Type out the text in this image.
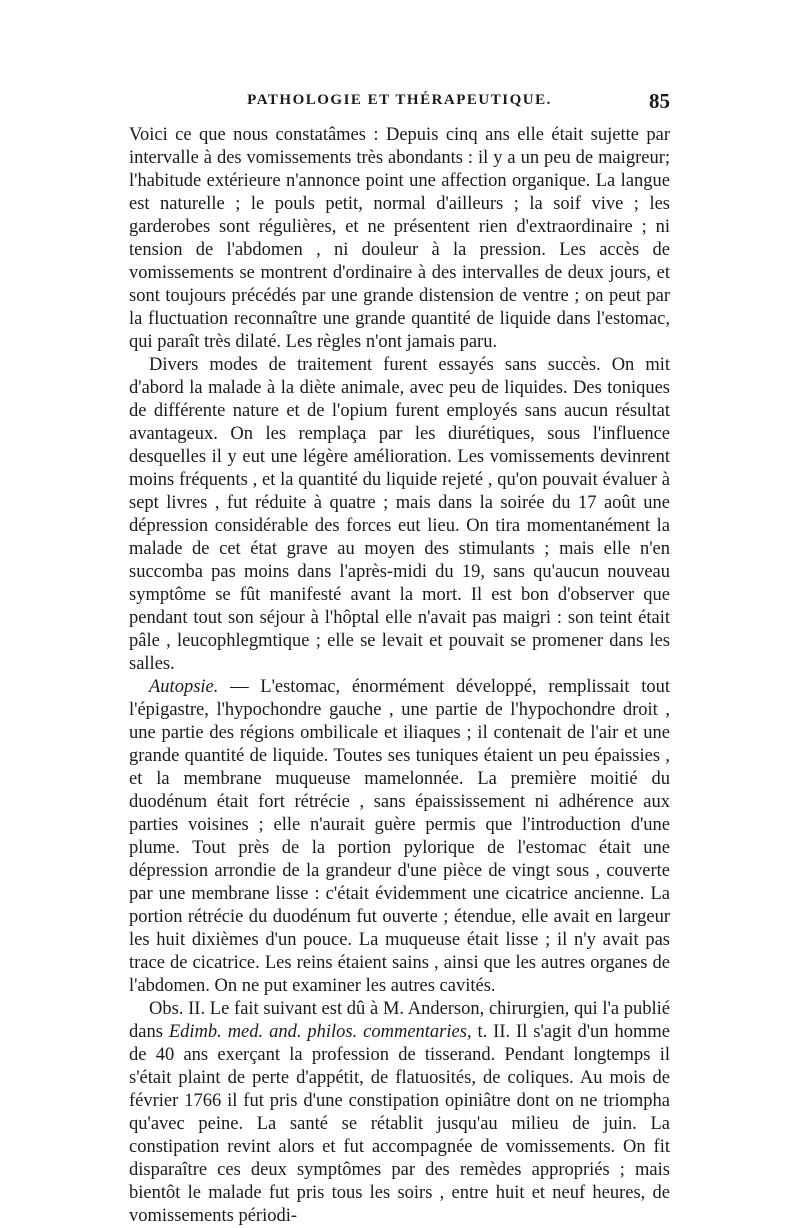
PATHOLOGIE ET THÉRAPEUTIQUE.	85

Voici ce que nous constatâmes : Depuis cinq ans elle était sujette par intervalle à des vomissements très abondants : il y a un peu de maigreur; l'habitude extérieure n'annonce point une affection organique. La langue est naturelle ; le pouls petit, normal d'ailleurs ; la soif vive ; les garderobes sont régulières, et ne présentent rien d'extraordinaire ; ni tension de l'abdomen , ni douleur à la pression. Les accès de vomissements se montrent d'ordinaire à des intervalles de deux jours, et sont toujours précédés par une grande distension de ventre ; on peut par la fluctuation reconnaître une grande quantité de liquide dans l'estomac, qui paraît très dilaté. Les règles n'ont jamais paru.

Divers modes de traitement furent essayés sans succès. On mit d'abord la malade à la diète animale, avec peu de liquides. Des toniques de différente nature et de l'opium furent employés sans aucun résultat avantageux. On les remplaça par les diurétiques, sous l'influence desquelles il y eut une légère amélioration. Les vomissements devinrent moins fréquents , et la quantité du liquide rejeté , qu'on pouvait évaluer à sept livres , fut réduite à quatre ; mais dans la soirée du 17 août une dépression considérable des forces eut lieu. On tira momentanément la malade de cet état grave au moyen des stimulants ; mais elle n'en succomba pas moins dans l'après-midi du 19, sans qu'aucun nouveau symptôme se fût manifesté avant la mort. Il est bon d'observer que pendant tout son séjour à l'hôptal elle n'avait pas maigri : son teint était pâle , leucophlegmtique ; elle se levait et pouvait se promener dans les salles.

Autopsie. — L'estomac, énormément développé, remplissait tout l'épigastre, l'hypochondre gauche , une partie de l'hypochondre droit , une partie des régions ombilicale et iliaques ; il contenait de l'air et une grande quantité de liquide. Toutes ses tuniques étaient un peu épaissies , et la membrane muqueuse mamelonnée. La première moitié du duodénum était fort rétrécie , sans épaississement ni adhérence aux parties voisines ; elle n'aurait guère permis que l'introduction d'une plume. Tout près de la portion pylorique de l'estomac était une dépression arrondie de la grandeur d'une pièce de vingt sous , couverte par une membrane lisse : c'était évidemment une cicatrice ancienne. La portion rétrécie du duodénum fut ouverte ; étendue, elle avait en largeur les huit dixièmes d'un pouce. La muqueuse était lisse ; il n'y avait pas trace de cicatrice. Les reins étaient sains , ainsi que les autres organes de l'abdomen. On ne put examiner les autres cavités.

Obs. II. Le fait suivant est dû à M. Anderson, chirurgien, qui l'a publié dans Edimb. med. and. philos. commentaries, t. II. Il s'agit d'un homme de 40 ans exerçant la profession de tisserand. Pendant longtemps il s'était plaint de perte d'appétit, de flatuosités, de coliques. Au mois de février 1766 il fut pris d'une constipation opiniâtre dont on ne triompha qu'avec peine. La santé se rétablit jusqu'au milieu de juin. La constipation revint alors et fut accompagnée de vomissements. On fit disparaître ces deux symptômes par des remèdes appropriés ; mais bientôt le malade fut pris tous les soirs , entre huit et neuf heures, de vomissements périodi-
